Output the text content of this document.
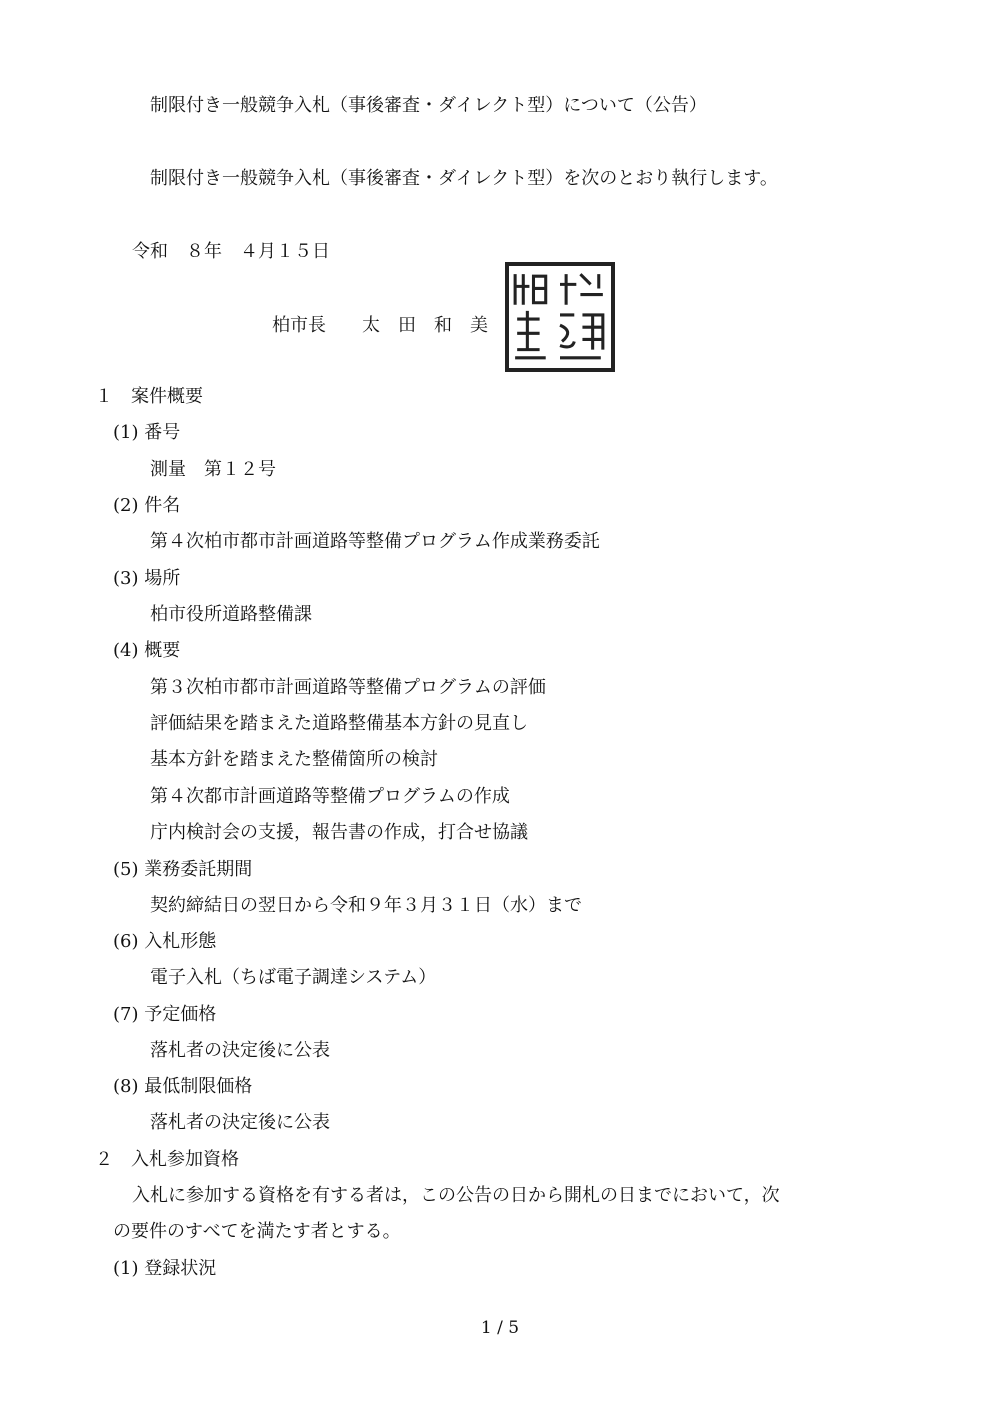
制限付き一般競争入札（事後審査・ダイレクト型）について（公告）
制限付き一般競争入札（事後審査・ダイレクト型）を次のとおり執行します。
令和　８年　４月１５日
柏市長　　太　田　和　美
１　案件概要
(1) 番号
測量　第１２号
(2) 件名
第４次柏市都市計画道路等整備プログラム作成業務委託
(3) 場所
柏市役所道路整備課
(4) 概要
第３次柏市都市計画道路等整備プログラムの評価
評価結果を踏まえた道路整備基本方針の見直し
基本方針を踏まえた整備箇所の検討
第４次都市計画道路等整備プログラムの作成
庁内検討会の支援，報告書の作成，打合せ協議
(5) 業務委託期間
契約締結日の翌日から令和９年３月３１日（水）まで
(6) 入札形態
電子入札（ちば電子調達システム）
(7) 予定価格
落札者の決定後に公表
(8) 最低制限価格
落札者の決定後に公表
２　入札参加資格
入札に参加する資格を有する者は，この公告の日から開札の日までにおいて，次
の要件のすべてを満たす者とする。
(1) 登録状況
1 / 5
